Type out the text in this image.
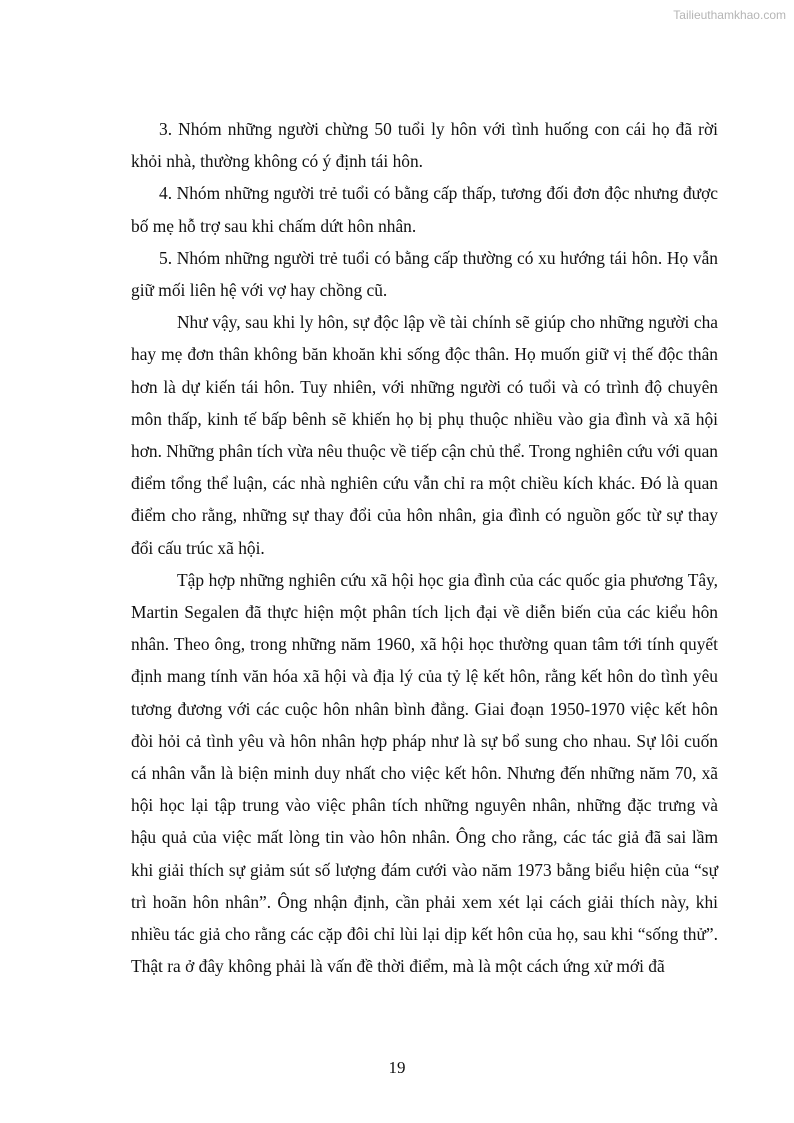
Tailieuthamkhao.com

3. Nhóm những người chừng 50 tuổi ly hôn với tình huống con cái họ đã rời khỏi nhà, thường không có ý định tái hôn.

4. Nhóm những người trẻ tuổi có bằng cấp thấp, tương đối đơn độc nhưng được bố mẹ hỗ trợ sau khi chấm dứt hôn nhân.

5. Nhóm những người trẻ tuổi có bằng cấp thường có xu hướng tái hôn. Họ vẫn giữ mối liên hệ với vợ hay chồng cũ.

Như vậy, sau khi ly hôn, sự độc lập về tài chính sẽ giúp cho những người cha hay mẹ đơn thân không băn khoăn khi sống độc thân. Họ muốn giữ vị thế độc thân hơn là dự kiến tái hôn. Tuy nhiên, với những người có tuổi và có trình độ chuyên môn thấp, kinh tế bấp bênh sẽ khiến họ bị phụ thuộc nhiều vào gia đình và xã hội hơn. Những phân tích vừa nêu thuộc về tiếp cận chủ thể. Trong nghiên cứu với quan điểm tổng thể luận, các nhà nghiên cứu vẫn chỉ ra một chiều kích khác. Đó là quan điểm cho rằng, những sự thay đổi của hôn nhân, gia đình có nguồn gốc từ sự thay đổi cấu trúc xã hội.

Tập hợp những nghiên cứu xã hội học gia đình của các quốc gia phương Tây, Martin Segalen đã thực hiện một phân tích lịch đại về diễn biến của các kiểu hôn nhân. Theo ông, trong những năm 1960, xã hội học thường quan tâm tới tính quyết định mang tính văn hóa xã hội và địa lý của tỷ lệ kết hôn, rằng kết hôn do tình yêu tương đương với các cuộc hôn nhân bình đẳng. Giai đoạn 1950-1970 việc kết hôn đòi hỏi cả tình yêu và hôn nhân hợp pháp như là sự bổ sung cho nhau. Sự lôi cuốn cá nhân vẫn là biện minh duy nhất cho việc kết hôn. Nhưng đến những năm 70, xã hội học lại tập trung vào việc phân tích những nguyên nhân, những đặc trưng và hậu quả của việc mất lòng tin vào hôn nhân. Ông cho rằng, các tác giả đã sai lầm khi giải thích sự giảm sút số lượng đám cưới vào năm 1973 bằng biểu hiện của “sự trì hoãn hôn nhân”. Ông nhận định, cần phải xem xét lại cách giải thích này, khi nhiều tác giả cho rằng các cặp đôi chỉ lùi lại dịp kết hôn của họ, sau khi “sống thử”. Thật ra ở đây không phải là vấn đề thời điểm, mà là một cách ứng xử mới đã

19
